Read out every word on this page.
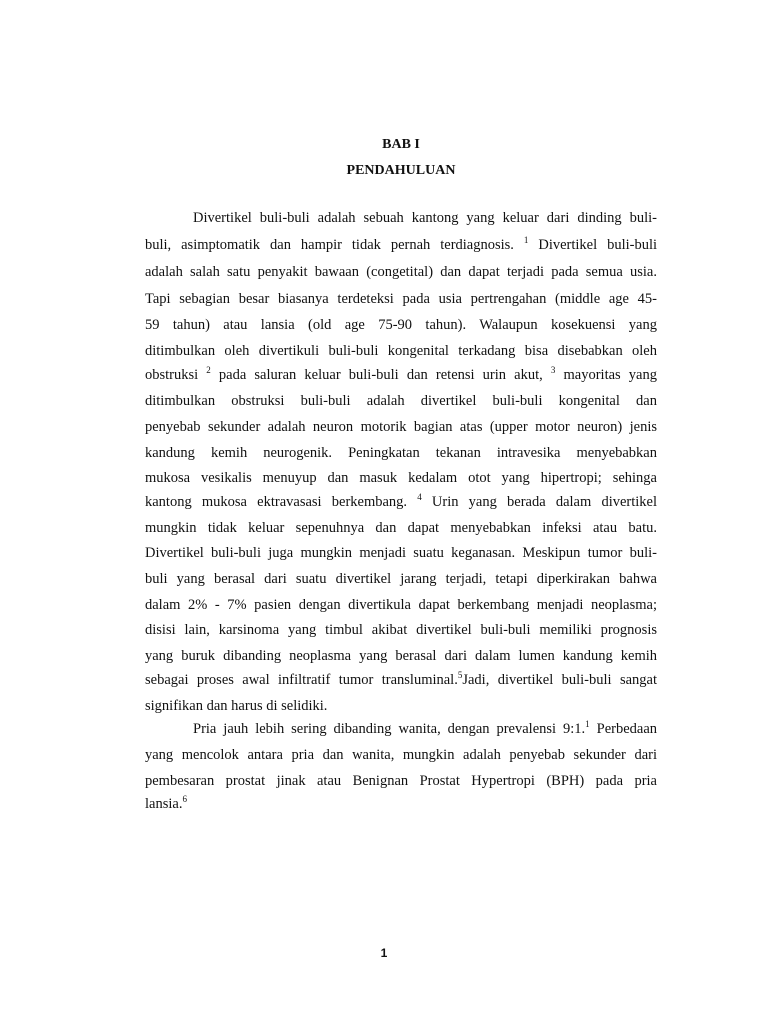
BAB I
PENDAHULUAN
Divertikel buli-buli adalah sebuah kantong yang keluar dari dinding buli-
buli, asimptomatik dan hampir tidak pernah terdiagnosis. $^1$ Divertikel buli-buli
adalah salah satu penyakit bawaan (congetital) dan dapat terjadi pada semua usia.
Tapi sebagian besar biasanya terdeteksi pada usia pertrengahan (middle age 45-
59 tahun) atau lansia (old age 75-90 tahun). Walaupun kosekuensi yang
ditimbulkan oleh divertikuli buli-buli kongenital terkadang bisa disebabkan oleh
obstruksi $^2$ pada saluran keluar buli-buli dan retensi urin akut, $^3$ mayoritas yang
ditimbulkan obstruksi buli-buli adalah divertikel buli-buli kongenital dan
penyebab sekunder adalah neuron motorik bagian atas (upper motor neuron) jenis
kandung kemih neurogenik. Peningkatan tekanan intravesika menyebabkan
mukosa vesikalis menuyup dan masuk kedalam otot yang hipertropi; sehinga
kantong mukosa ektravasasi berkembang. $^4$ Urin yang berada dalam divertikel
mungkin tidak keluar sepenuhnya dan dapat menyebabkan infeksi atau batu.
Divertikel buli-buli juga mungkin menjadi suatu keganasan. Meskipun tumor buli-
buli yang berasal dari suatu divertikel jarang terjadi, tetapi diperkirakan bahwa
dalam 2% - 7% pasien dengan divertikula dapat berkembang menjadi neoplasma;
disisi lain, karsinoma yang timbul akibat divertikel buli-buli memiliki prognosis
yang buruk dibanding neoplasma yang berasal dari dalam lumen kandung kemih
sebagai proses awal infiltratif tumor transluminal.$^5$Jadi, divertikel buli-buli sangat
signifikan dan harus di selidiki.
Pria jauh lebih sering dibanding wanita, dengan prevalensi 9:1.$^1$ Perbedaan
yang mencolok antara pria dan wanita, mungkin adalah penyebab sekunder dari
pembesaran prostat jinak atau Benignan Prostat Hypertropi (BPH) pada pria
lansia.$^6$
1
